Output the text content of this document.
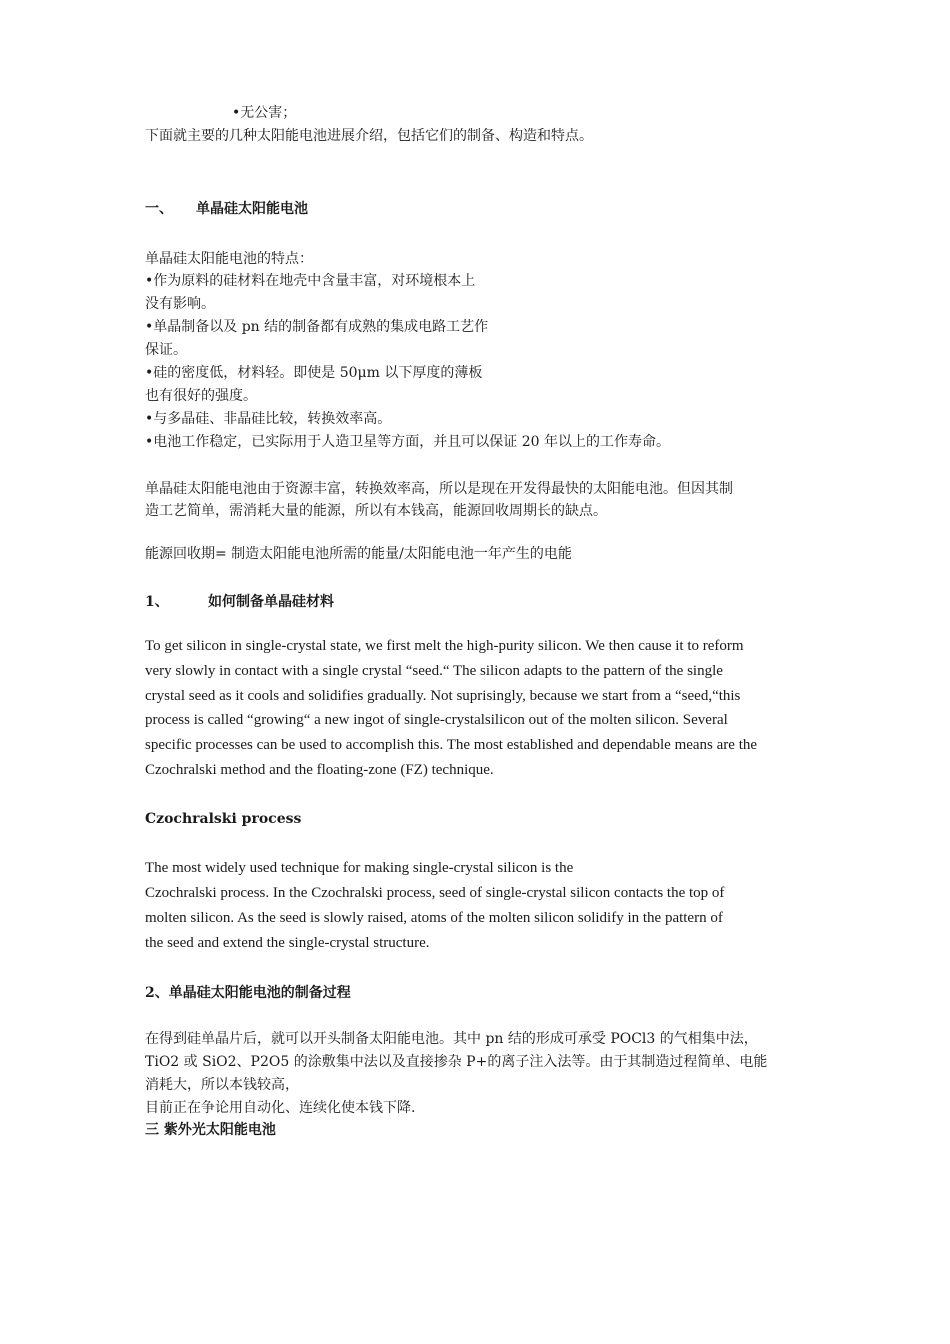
•无公害；
下面就主要的几种太阳能电池进展介绍，包括它们的制备、构造和特点。
一、 单晶硅太阳能电池
单晶硅太阳能电池的特点：
•作为原料的硅材料在地壳中含量丰富，对环境根本上
没有影响。
•单晶制备以及 pn 结的制备都有成熟的集成电路工艺作
保证。
•硅的密度低，材料轻。即使是 50μm 以下厚度的薄板
也有很好的强度。
•与多晶硅、非晶硅比较，转换效率高。
•电池工作稳定，已实际用于人造卫星等方面，并且可以保证 20 年以上的工作寿命。
单晶硅太阳能电池由于资源丰富，转换效率高，所以是现在开发得最快的太阳能电池。但因其制
造工艺简单，需消耗大量的能源，所以有本钱高，能源回收周期长的缺点。
能源回收期= 制造太阳能电池所需的能量/太阳能电池一年产生的电能
1、	如何制备单晶硅材料
To get silicon in single-crystal state, we first melt the high-purity silicon. We then cause it to reform
very slowly in contact with a single crystal “seed.“ The silicon adapts to the pattern of the single
crystal seed as it cools and solidifies gradually. Not suprisingly, because we start from a “seed,“this
process is called “growing“ a new ingot of single-crystalsilicon out of the molten silicon. Several
specific processes can be used to accomplish this. The most established and dependable means are the
Czochralski method and the floating-zone (FZ) technique.
Czochralski process
The most widely used technique for making single-crystal silicon is the
Czochralski process. In the Czochralski process, seed of single-crystal silicon contacts the top of
molten silicon. As the seed is slowly raised, atoms of the molten silicon solidify in the pattern of
the seed and extend the single-crystal structure.
2、单晶硅太阳能电池的制备过程
在得到硅单晶片后，就可以开头制备太阳能电池。其中 pn 结的形成可承受 POCl3 的气相集中法，
TiO2 或 SiO2、P2O5 的涂敷集中法以及直接掺杂 P+的离子注入法等。由于其制造过程简单、电能
消耗大，所以本钱较高，
目前正在争论用自动化、连续化使本钱下降.
三 紫外光太阳能电池
